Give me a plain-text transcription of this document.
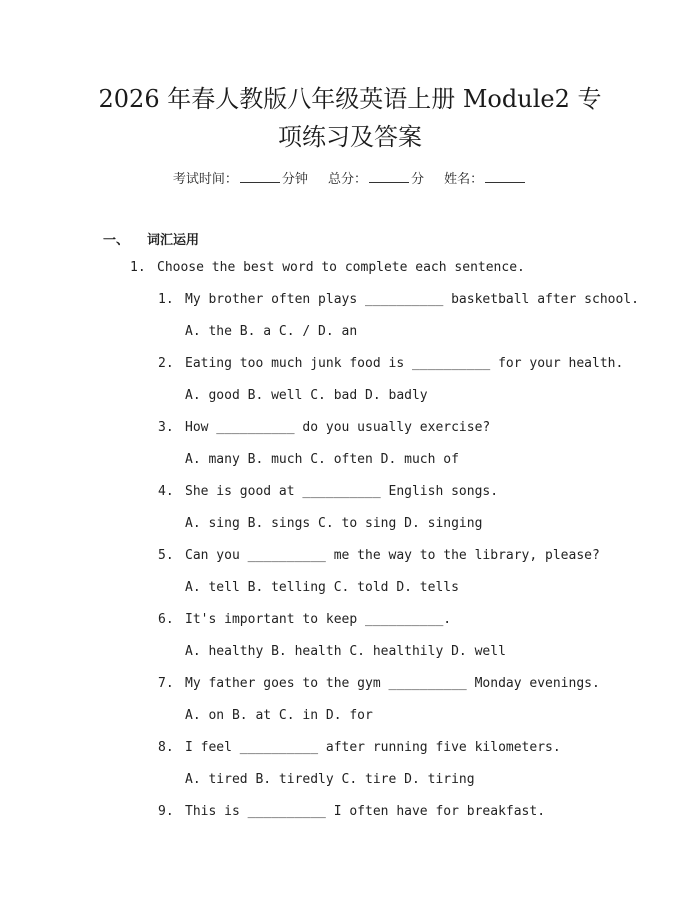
2026 年春人教版八年级英语上册 Module2 专
项练习及答案
考试时间：	分钟 总分：	分 姓名：
一、 词汇运用
1. Choose the best word to complete each sentence.
1. My brother often plays __________ basketball after school.
A. the B. a C. / D. an
2. Eating too much junk food is __________ for your health.
A. good B. well C. bad D. badly
3. How __________ do you usually exercise?
A. many B. much C. often D. much of
4. She is good at __________ English songs.
A. sing B. sings C. to sing D. singing
5. Can you __________ me the way to the library, please?
A. tell B. telling C. told D. tells
6. It's important to keep __________.
A. healthy B. health C. healthily D. well
7. My father goes to the gym __________ Monday evenings.
A. on B. at C. in D. for
8. I feel __________ after running five kilometers.
A. tired B. tiredly C. tire D. tiring
9. This is __________ I often have for breakfast.
